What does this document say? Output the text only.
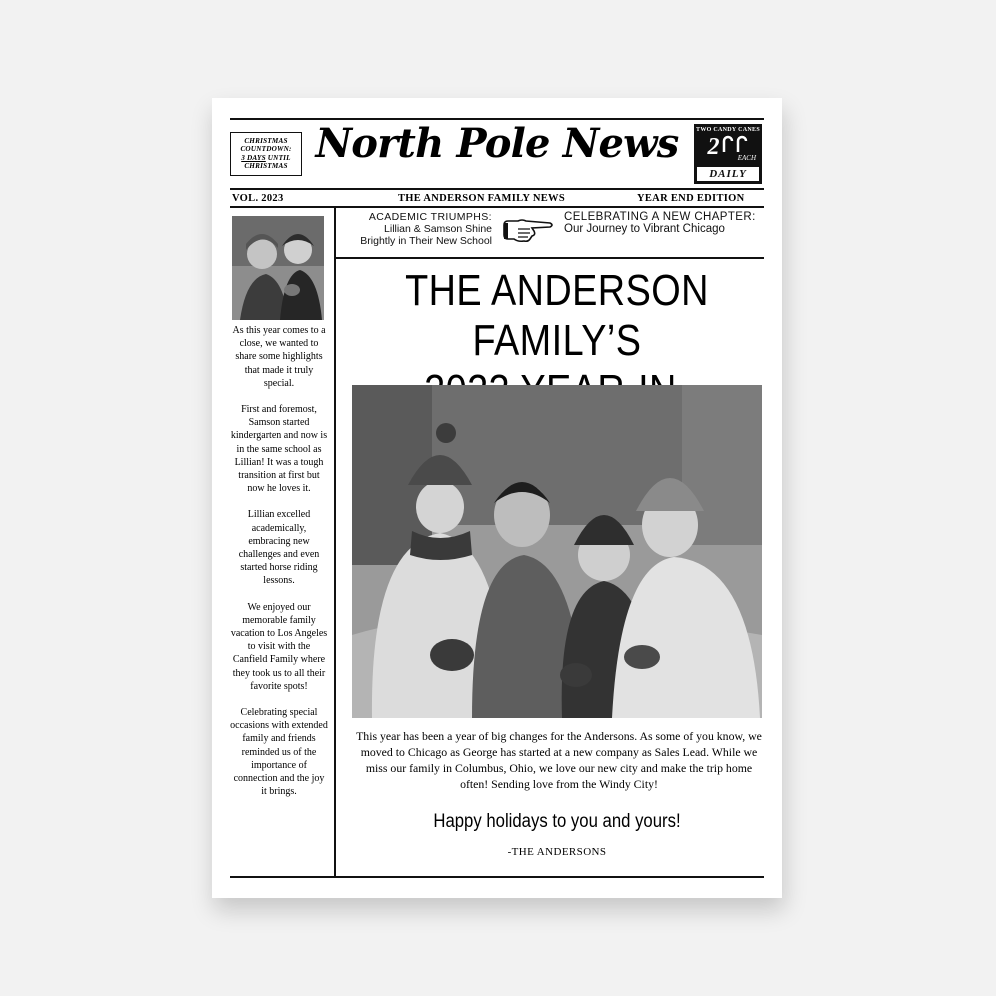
CHRISTMAS
COUNTDOWN:
3 DAYS UNTIL
CHRISTMAS North Pole News	TWO CANDY CANES
2	EACH
DAILY
VOL. 2023	THE ANDERSON FAMILY NEWS	YEAR END EDITION
ACADEMIC TRIUMPHS:
Lillian & Samson Shine
Brightly in Their New School
CELEBRATING A NEW CHAPTER:
Our Journey to Vibrant Chicago
THE ANDERSON FAMILY’S

As this year comes to a close, we wanted to share some highlights that made it truly special.

First and foremost, Samson started kindergarten and now is in the same school as Lillian! It was a tough transition at first but now he loves it.

Lillian excelled academically, embracing new challenges and even started horse riding lessons.

We enjoyed our memorable family vacation to Los Angeles to visit with the Canfield Family where they took us to all their favorite spots!

Celebrating special occasions with extended family and friends reminded us of the importance of connection and the joy it brings.

This year has been a year of big changes for the Andersons. As some of you know, we moved to Chicago as George has started at a new company as Sales Lead. While we miss our family in Columbus, Ohio, we love our new city and make the trip home often! Sending love from the Windy City!
Happy holidays to you and yours!
-THE ANDERSONS
